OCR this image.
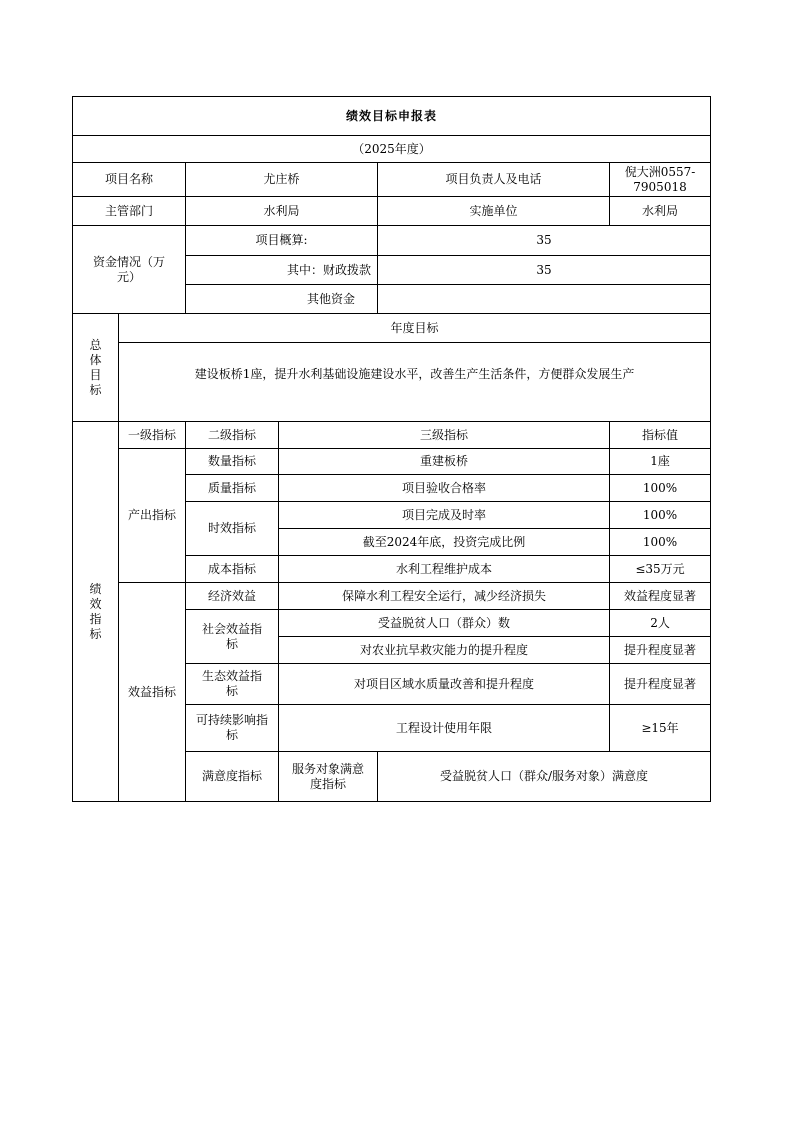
绩效目标申报表						
（2025年度）						
项目名称		尤庄桥		项目负责人及电话	倪大洲0557-7905018	
主管部门		水利局		实施单位	水利局	
资金情况（万元）		项目概算:		35		
		其中：财政拨款		35		
		其他资金				

总
体
目
标	年度目标					
	建设板桥1座，提升水利基础设施建设水平，改善生产生活条件，方便群众发展生产					

绩
效
指
标	一级指标	二级指标	三级指标		指标值	
	产出指标	数量指标	重建板桥		1座	
		质量指标	项目验收合格率		100%	
		时效指标	项目完成及时率		100%	
			截至2024年底，投资完成比例		100%	
		成本指标	水利工程维护成本		≤35万元	
	效益指标	经济效益	保障水利工程安全运行，减少经济损失		效益程度显著	
		社会效益指标	受益脱贫人口（群众）数		2人	
			对农业抗旱救灾能力的提升程度		提升程度显著	
		生态效益指标	对项目区域水质量改善和提升程度		提升程度显著	
		可持续影响指标	工程设计使用年限		≥15年	
		满意度指标	服务对象满意度指标	受益脱贫人口（群众/服务对象）满意度	
